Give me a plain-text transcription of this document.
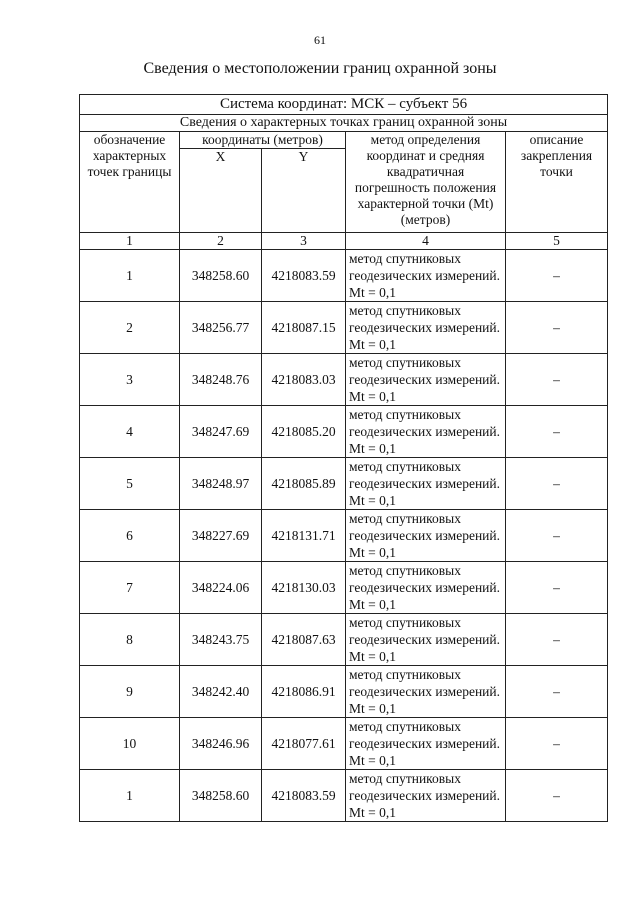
61
Сведения о местоположении границ охранной зоны
Система координат: МСК – субъект 56				
Сведения о характерных точках границ охранной зоны				
обозначение характерных точек границы	координаты (метров)		метод определения координат и средняя квадратичная погрешность положения характерной точки (Mt) (метров)	описание закрепления точки
	X	Y		
1	2	3	4	5
1	348258.60	4218083.59	метод спутниковых геодезических измерений. Mt = 0,1	–
2	348256.77	4218087.15	метод спутниковых геодезических измерений. Mt = 0,1	–
3	348248.76	4218083.03	метод спутниковых геодезических измерений. Mt = 0,1	–
4	348247.69	4218085.20	метод спутниковых геодезических измерений. Mt = 0,1	–
5	348248.97	4218085.89	метод спутниковых геодезических измерений. Mt = 0,1	–
6	348227.69	4218131.71	метод спутниковых геодезических измерений. Mt = 0,1	–
7	348224.06	4218130.03	метод спутниковых геодезических измерений. Mt = 0,1	–
8	348243.75	4218087.63	метод спутниковых геодезических измерений. Mt = 0,1	–
9	348242.40	4218086.91	метод спутниковых геодезических измерений. Mt = 0,1	–
10	348246.96	4218077.61	метод спутниковых геодезических измерений. Mt = 0,1	–
1	348258.60	4218083.59	метод спутниковых геодезических измерений. Mt = 0,1	–
